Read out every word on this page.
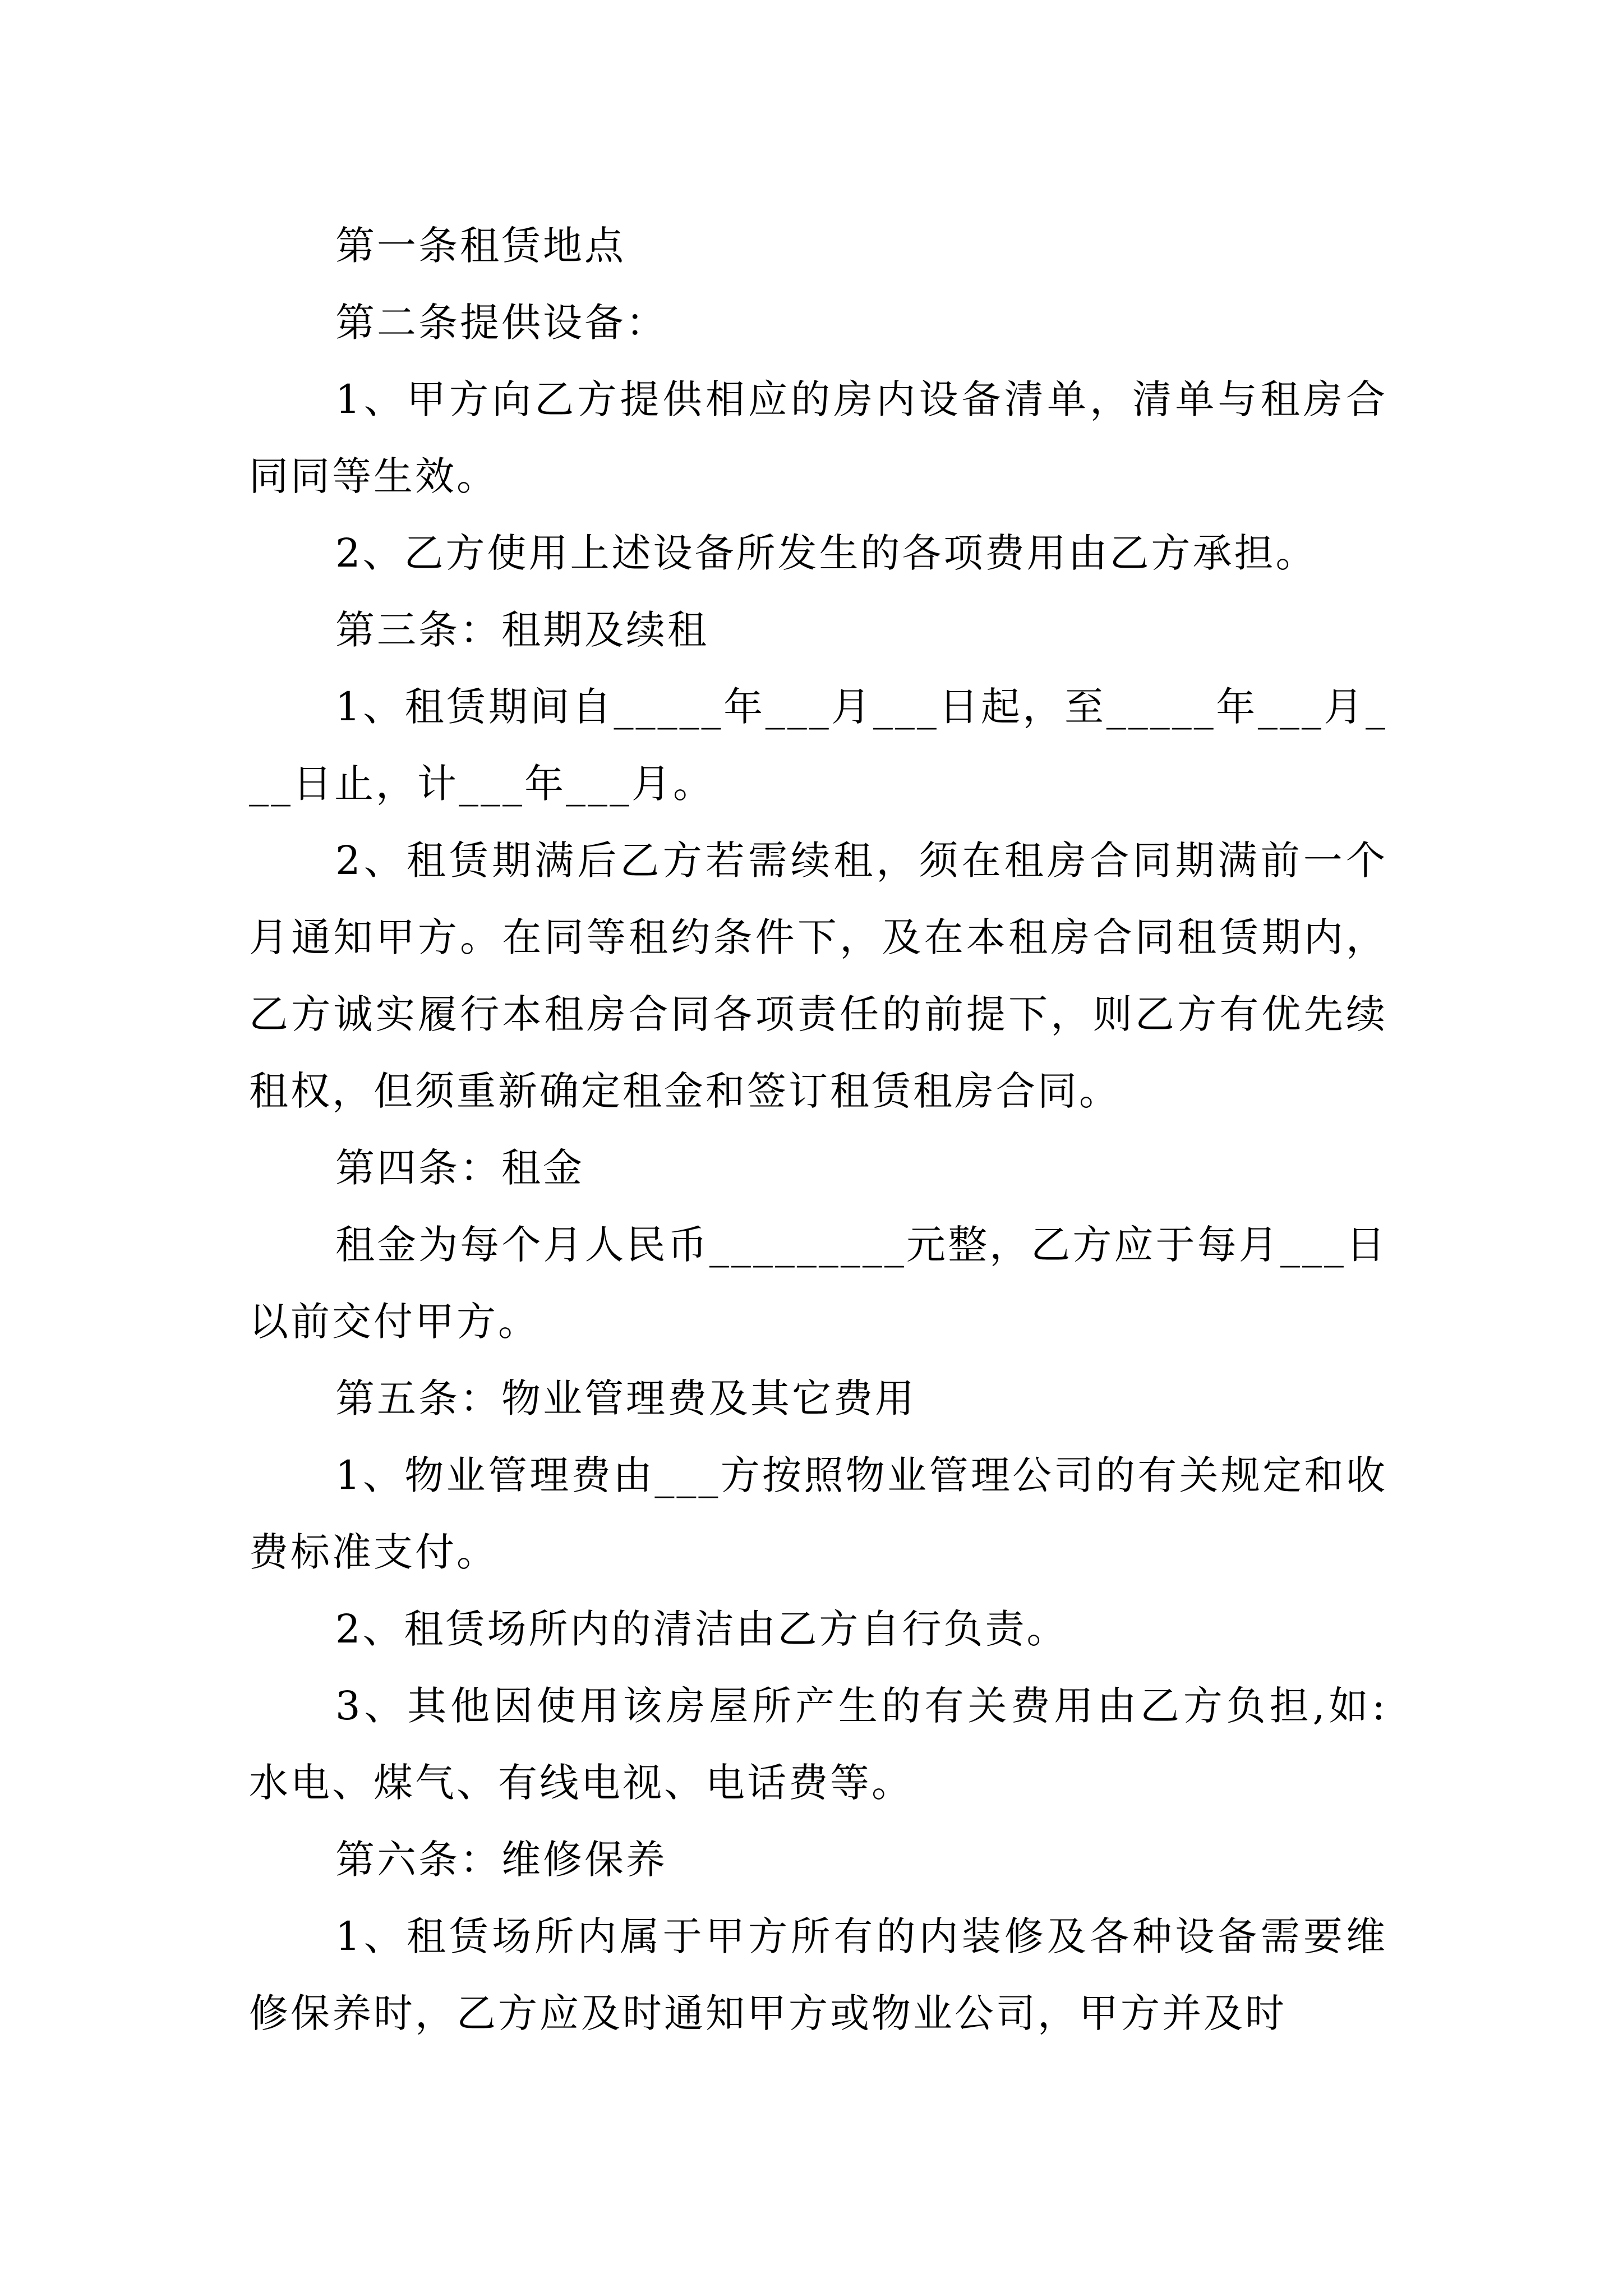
第一条租赁地点

第二条提供设备：

1、甲方向乙方提供相应的房内设备清单，清单与租房合同同等生效。

2、乙方使用上述设备所发生的各项费用由乙方承担。

第三条：租期及续租

1、租赁期间自_____年___月___日起，至_____年___月___日止，计___年___月。

2、租赁期满后乙方若需续租，须在租房合同期满前一个月通知甲方。在同等租约条件下，及在本租房合同租赁期内，乙方诚实履行本租房合同各项责任的前提下，则乙方有优先续租权，但须重新确定租金和签订租赁租房合同。

第四条：租金

租金为每个月人民币_________元整，乙方应于每月___日以前交付甲方。

第五条：物业管理费及其它费用

1、物业管理费由___方按照物业管理公司的有关规定和收费标准支付。

2、租赁场所内的清洁由乙方自行负责。

3、其他因使用该房屋所产生的有关费用由乙方负担,如:水电、煤气、有线电视、电话费等。

第六条：维修保养

1、租赁场所内属于甲方所有的内装修及各种设备需要维修保养时，乙方应及时通知甲方或物业公司，甲方并及时
